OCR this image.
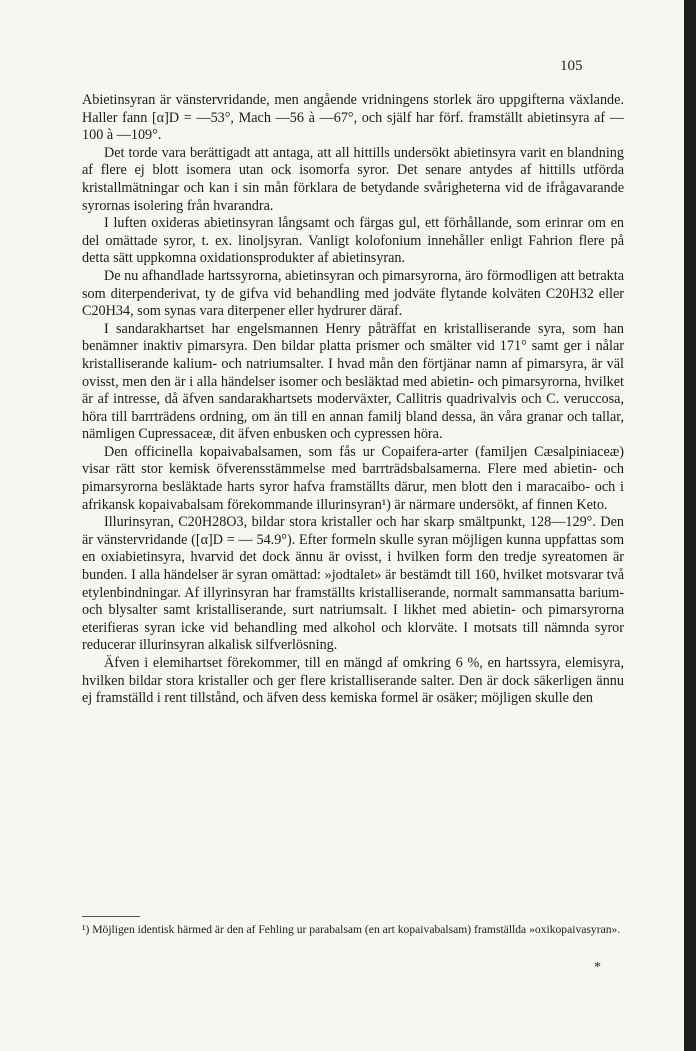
105

Abietinsyran är vänstervridande, men angående vridningens storlek äro uppgifterna växlande. Haller fann [α]D = —53°, Mach —56 à —67°, och själf har förf. framställt abietinsyra af —100 à —109°.

Det torde vara berättigadt att antaga, att all hittills undersökt abietinsyra varit en blandning af flere ej blott isomera utan ock isomorfa syror. Det senare antydes af hittills utförda kristallmätningar och kan i sin mån förklara de betydande svårigheterna vid de ifrågavarande syrornas isolering från hvarandra.

I luften oxideras abietinsyran långsamt och färgas gul, ett förhållande, som erinrar om en del omättade syror, t. ex. linoljsyran. Vanligt kolofonium innehåller enligt Fahrion flere på detta sätt uppkomna oxidationsprodukter af abietinsyran.

De nu afhandlade hartssyrorna, abietinsyran och pimarsyrorna, äro förmodligen att betrakta som diterpenderivat, ty de gifva vid behandling med jodväte flytande kolväten C20H32 eller C20H34, som synas vara diterpener eller hydrurer däraf.

I sandarakhartset har engelsmannen Henry påträffat en kristalliserande syra, som han benämner inaktiv pimarsyra. Den bildar platta prismer och smälter vid 171° samt ger i nålar kristalliserande kalium- och natriumsalter. I hvad mån den förtjänar namn af pimarsyra, är väl ovisst, men den är i alla händelser isomer och besläktad med abietin- och pimarsyrorna, hvilket är af intresse, då äfven sandarakhartsets moderväxter, Callitris quadrivalvis och C. veruccosa, höra till barrträdens ordning, om än till en annan familj bland dessa, än våra granar och tallar, nämligen Cupressaceæ, dit äfven enbusken och cypressen höra.

Den officinella kopaivabalsamen, som fås ur Copaifera-arter (familjen Cæsalpiniaceæ) visar rätt stor kemisk öfverensstämmelse med barrträdsbalsamerna. Flere med abietin- och pimarsyrorna besläktade harts syror hafva framställts därur, men blott den i maracaibo- och i afrikansk kopaivabalsam förekommande illurinsyran¹) är närmare undersökt, af finnen Keto.

Illurinsyran, C20H28O3, bildar stora kristaller och har skarp smältpunkt, 128—129°. Den är vänstervridande ([α]D = — 54.9°). Efter formeln skulle syran möjligen kunna uppfattas som en oxiabietinsyra, hvarvid det dock ännu är ovisst, i hvilken form den tredje syreatomen är bunden. I alla händelser är syran omättad: »jodtalet» är bestämdt till 160, hvilket motsvarar två etylenbindningar. Af illyrinsyran har framställts kristalliserande, normalt sammansatta barium- och blysalter samt kristalliserande, surt natriumsalt. I likhet med abietin- och pimarsyrorna eterifieras syran icke vid behandling med alkohol och klorväte. I motsats till nämnda syror reducerar illurinsyran alkalisk silfverlösning.

Äfven i elemihartset förekommer, till en mängd af omkring 6 %, en hartssyra, elemisyra, hvilken bildar stora kristaller och ger flere kristalliserande salter. Den är dock säkerligen ännu ej framställd i rent tillstånd, och äfven dess kemiska formel är osäker; möjligen skulle den

¹) Möjligen identisk härmed är den af Fehling ur parabalsam (en art kopaivabalsam) framställda »oxikopaivasyran».
*
